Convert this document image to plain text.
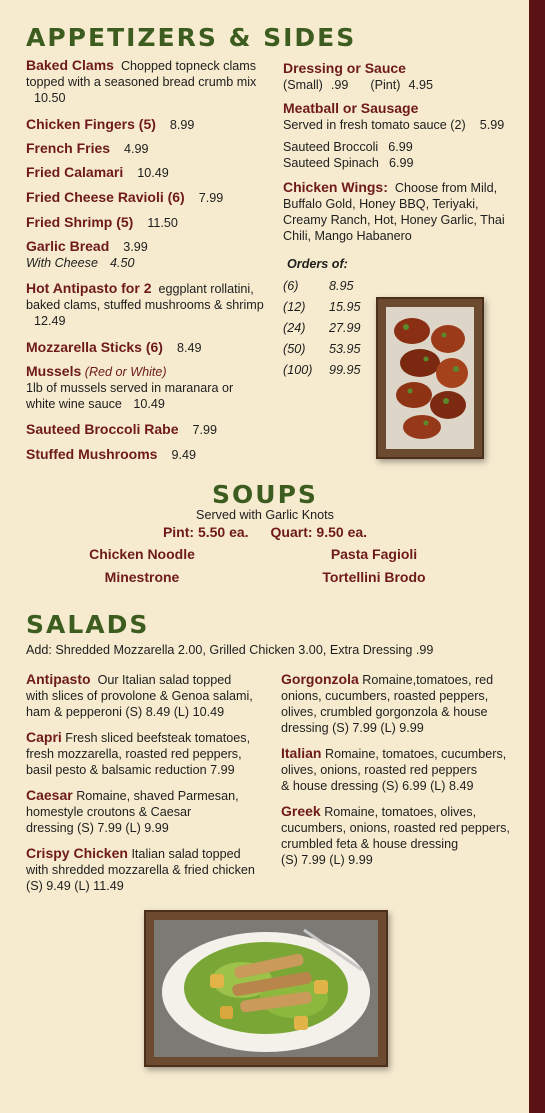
APPETIZERS & SIDES
Baked Clams Chopped topneck clams topped with a seasoned bread crumb mix 10.50
Chicken Fingers (5) 8.99
French Fries 4.99
Fried Calamari 10.49
Fried Cheese Ravioli (6) 7.99
Fried Shrimp (5) 11.50
Garlic Bread 3.99
With Cheese 4.50
Hot Antipasto for 2 eggplant rollatini, baked clams, stuffed mushrooms & shrimp 12.49
Mozzarella Sticks (6) 8.49
Mussels (Red or White)
1lb of mussels served in maranara or white wine sauce 10.49
Sauteed Broccoli Rabe 7.99
Stuffed Mushrooms 9.49
Dressing or Sauce
(Small) .99 (Pint) 4.95
Meatball or Sausage
Served in fresh tomato sauce (2) 5.99
Sauteed Broccoli 6.99
Sauteed Spinach 6.99
Chicken Wings: Choose from Mild, Buffalo Gold, Honey BBQ, Teriyaki, Creamy Ranch, Hot, Honey Garlic, Thai Chili, Mango Habanero
Orders of:
(6) 8.95
(12) 15.95
(24) 27.99
(50) 53.95
(100) 99.95
SOUPS
Served with Garlic Knots
Pint: 5.50 ea. Quart: 9.50 ea.
Chicken Noodle	Pasta Fagioli
Minestrone	Tortellini Brodo
SALADS
Add: Shredded Mozzarella 2.00, Grilled Chicken 3.00, Extra Dressing .99
Antipasto Our Italian salad topped
with slices of provolone & Genoa salami,
ham & pepperoni (S) 8.49 (L) 10.49
Capri Fresh sliced beefsteak tomatoes,
fresh mozzarella, roasted red peppers,
basil pesto & balsamic reduction 7.99
Caesar Romaine, shaved Parmesan,
homestyle croutons & Caesar
dressing (S) 7.99 (L) 9.99
Crispy Chicken Italian salad topped
with shredded mozzarella & fried chicken
(S) 9.49 (L) 11.49
Gorgonzola Romaine,tomatoes, red
onions, cucumbers, roasted peppers,
olives, crumbled gorgonzola & house
dressing (S) 7.99 (L) 9.99
Italian Romaine, tomatoes, cucumbers,
olives, onions, roasted red peppers
& house dressing (S) 6.99 (L) 8.49
Greek Romaine, tomatoes, olives,
cucumbers, onions, roasted red peppers,
crumbled feta & house dressing
(S) 7.99 (L) 9.99
